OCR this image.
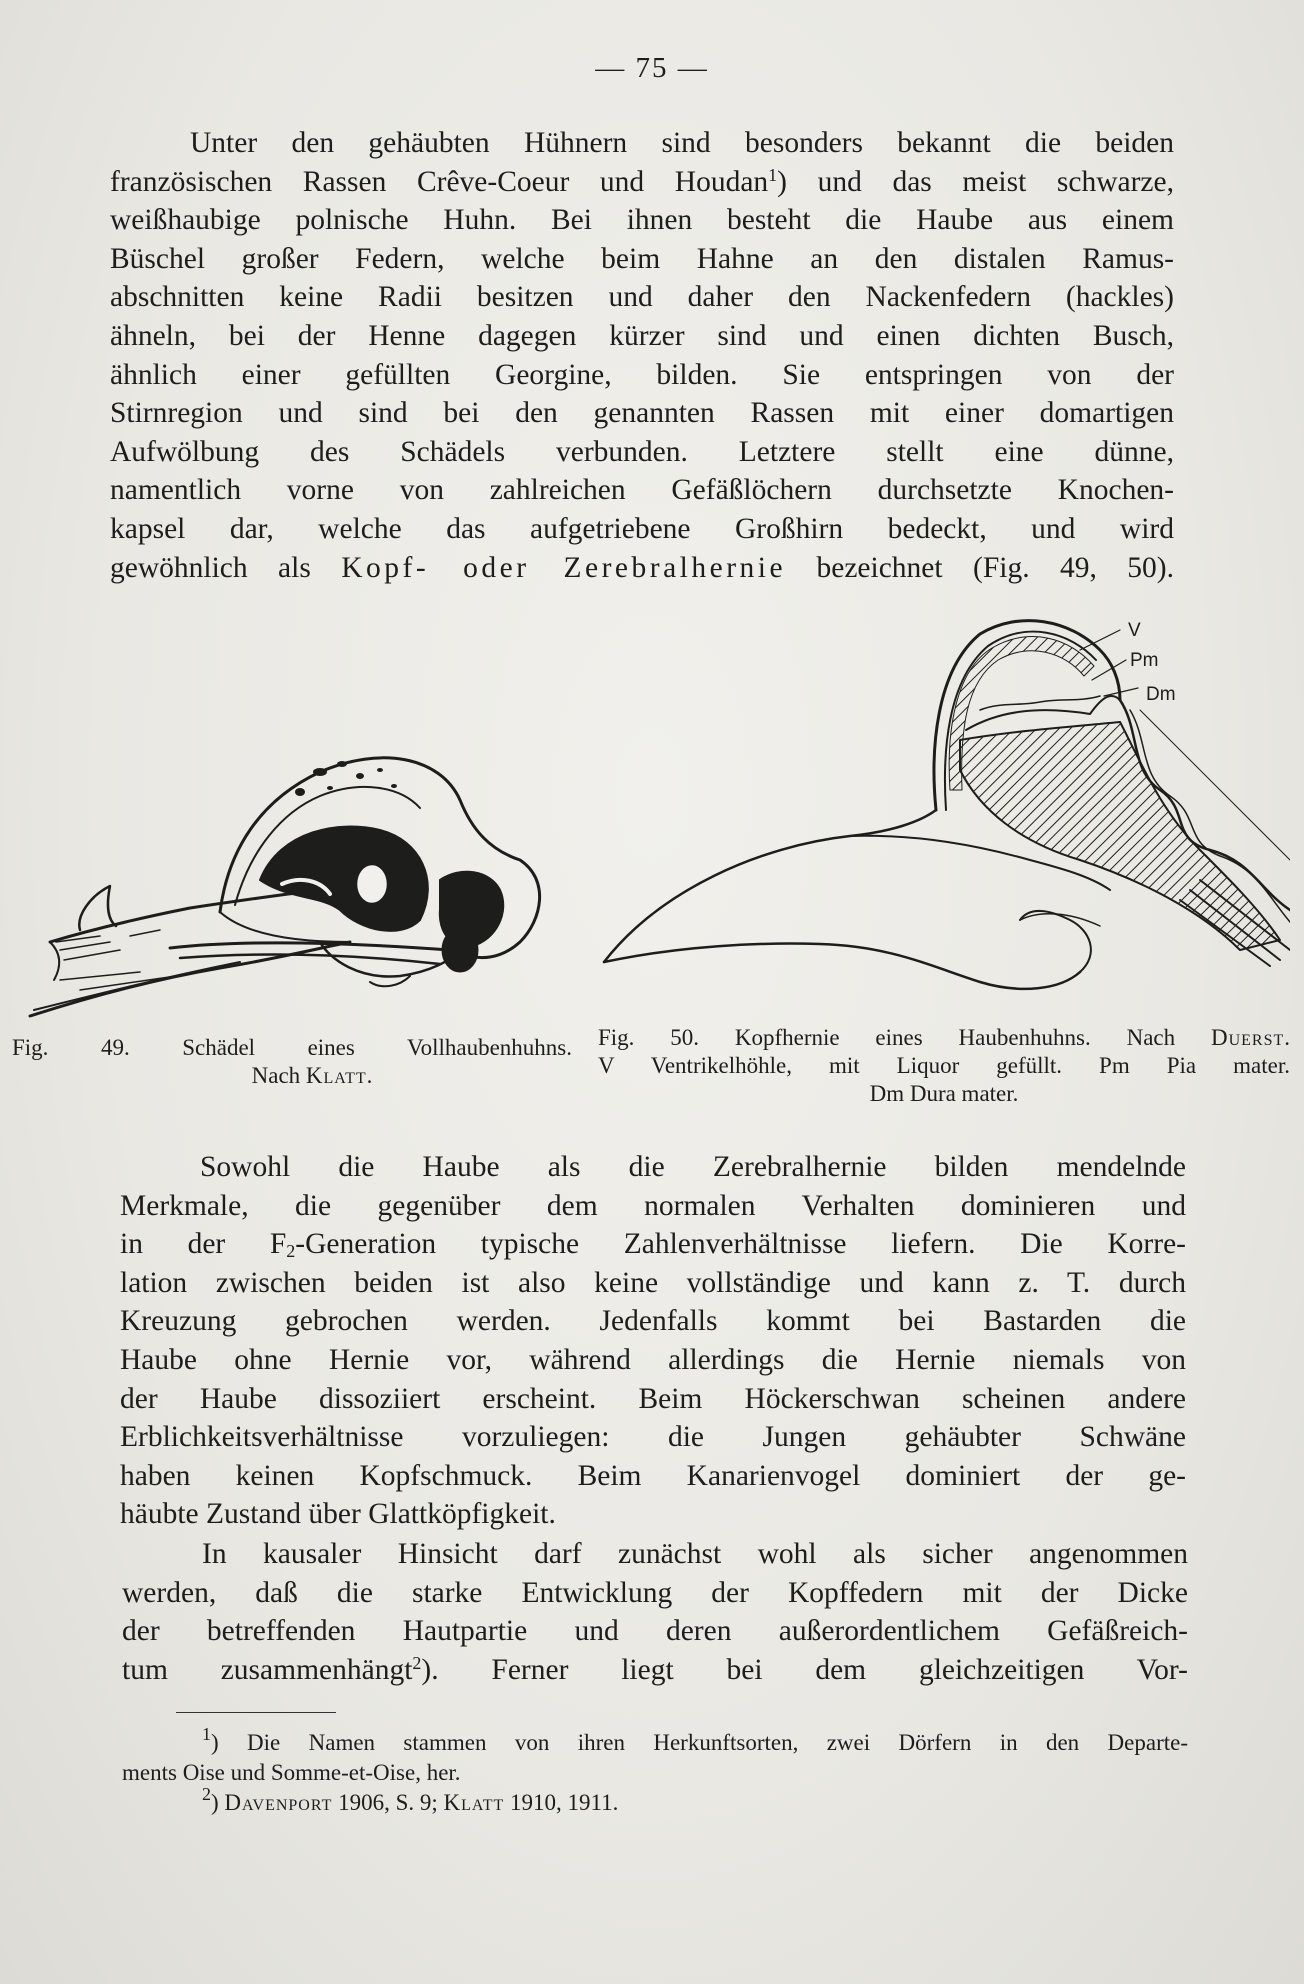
— 75 —

Unter den gehäubten Hühnern sind besonders bekannt die beiden
französischen Rassen Crêve-Coeur und Houdan$^1$) und das meist schwarze,
weißhaubige polnische Huhn. Bei ihnen besteht die Haube aus einem
Büschel großer Federn, welche beim Hahne an den distalen Ramus-
abschnitten keine Radii besitzen und daher den Nackenfedern (hackles)
ähneln, bei der Henne dagegen kürzer sind und einen dichten Busch,
ähnlich einer gefüllten Georgine, bilden. Sie entspringen von der
Stirnregion und sind bei den genannten Rassen mit einer domartigen
Aufwölbung des Schädels verbunden. Letztere stellt eine dünne,
namentlich vorne von zahlreichen Gefäßlöchern durchsetzte Knochen-
kapsel dar, welche das aufgetriebene Großhirn bedeckt, und wird
gewöhnlich als Kopf- oder Zerebralhernie bezeichnet (Fig. 49, 50).

V
Pm
Dm
Fig. 49. Schädel eines Vollhaubenhuhns.
Nach Klatt.
Fig. 50. Kopfhernie eines Haubenhuhns. Nach Duerst.
V Ventrikelhöhle, mit Liquor gefüllt. Pm Pia mater.
Dm Dura mater.

Sowohl die Haube als die Zerebralhernie bilden mendelnde
Merkmale, die gegenüber dem normalen Verhalten dominieren und
in der $F_2$-Generation typische Zahlenverhältnisse liefern. Die Korre-
lation zwischen beiden ist also keine vollständige und kann z. T. durch
Kreuzung gebrochen werden. Jedenfalls kommt bei Bastarden die
Haube ohne Hernie vor, während allerdings die Hernie niemals von
der Haube dissoziiert erscheint. Beim Höckerschwan scheinen andere
Erblichkeitsverhältnisse vorzuliegen: die Jungen gehäubter Schwäne
haben keinen Kopfschmuck. Beim Kanarienvogel dominiert der ge-
häubte Zustand über Glattköpfigkeit.

In kausaler Hinsicht darf zunächst wohl als sicher angenommen
werden, daß die starke Entwicklung der Kopffedern mit der Dicke
der betreffenden Hautpartie und deren außerordentlichem Gefäßreich-
tum zusammenhängt$^2$). Ferner liegt bei dem gleichzeitigen Vor-

$^1$) Die Namen stammen von ihren Herkunftsorten, zwei Dörfern in den Departe-
ments Oise und Somme-et-Oise, her.
$^2$) Davenport 1906, S. 9; Klatt 1910, 1911.
